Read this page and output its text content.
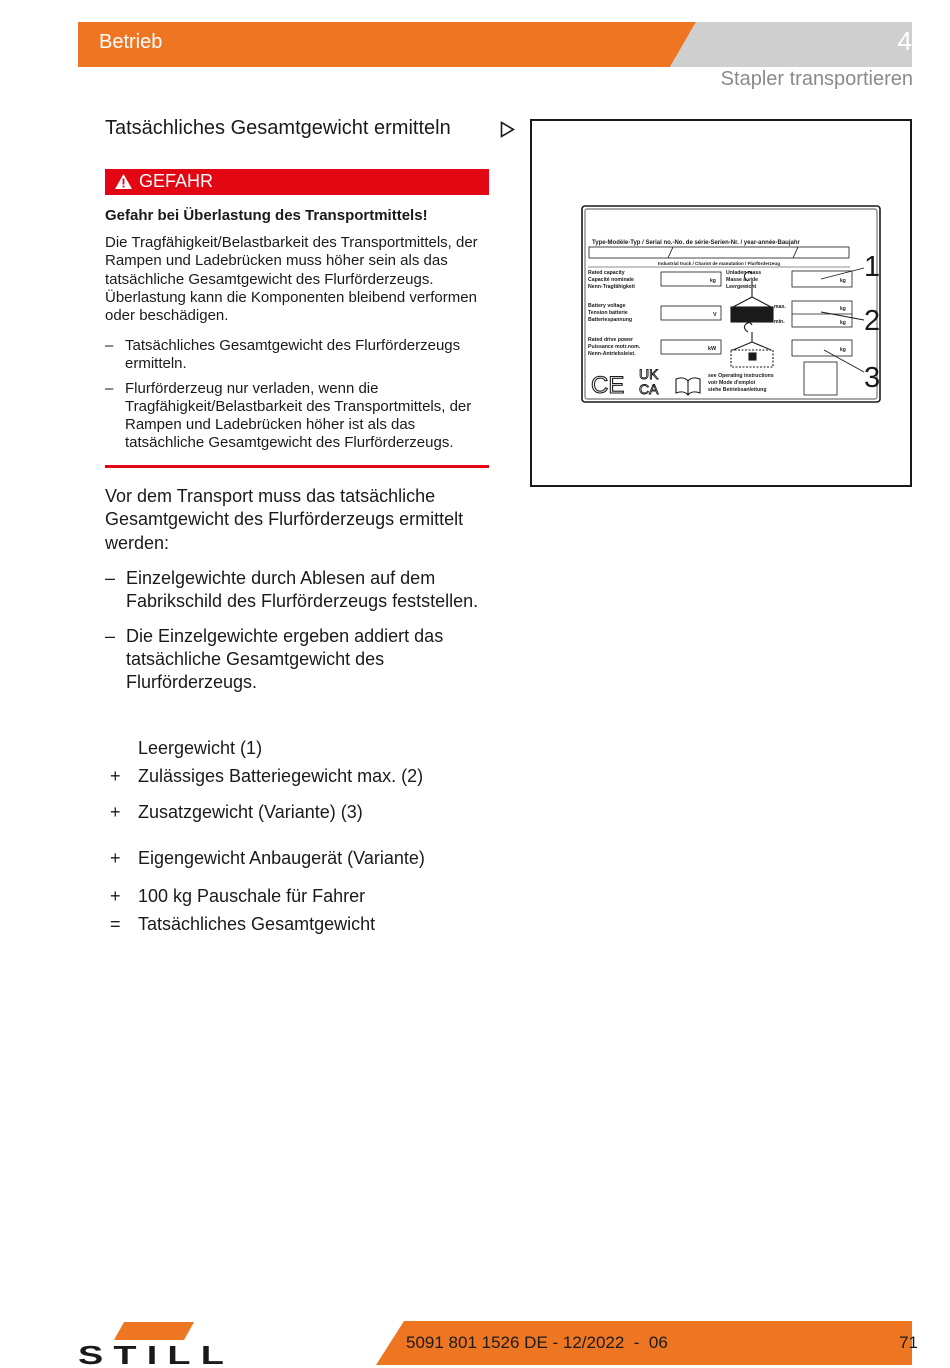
Betrieb	4
Stapler transportieren
Tatsächliches Gesamtgewicht ermitteln
GEFAHR
Gefahr bei Überlastung des Transportmittels!
Die Tragfähigkeit/Belastbarkeit des Transportmittels, der Rampen und Ladebrücken muss höher sein als das tatsächliche Gesamtgewicht des Flurförderzeugs. Überlastung kann die Komponenten bleibend verformen oder beschädigen.
– Tatsächliches Gesamtgewicht des Flurförderzeugs ermitteln.
– Flurförderzeug nur verladen, wenn die Tragfähigkeit/Belastbarkeit des Transportmittels, der Rampen und Ladebrücken höher ist als das tatsächliche Gesamtgewicht des Flurförderzeugs.
Vor dem Transport muss das tatsächliche Gesamtgewicht des Flurförderzeugs ermittelt werden:
– Einzelgewichte durch Ablesen auf dem Fabrikschild des Flurförderzeugs feststellen.
– Die Einzelgewichte ergeben addiert das tatsächliche Gesamtgewicht des Flurförderzeugs.
Leergewicht (1)
+ Zulässiges Batteriegewicht max. (2)
+ Zusatzgewicht (Variante) (3)
+ Eigengewicht Anbaugerät (Variante)
+ 100 kg Pauschale für Fahrer
= Tatsächliches Gesamtgewicht
Type-Modèle-Typ / Serial no.-No. de série-Serien-Nr. / year-année-Baujahr
Industrial truck / Chariot de manutation / Flurförderzeug
Rated capacity
Capacité nominale
Nenn-Tragfähigkeit
kg
Unladen mass
Masse à vide
Leergewicht
kg
Battery voltage
Tension batterie
Batteriespannung
V
max.
min.
kg
kg
Rated drive power
Puissance motr.nom.
Nenn-Antriebsleist.
kW	kg
CE UK
CA
see Operating instructions
voir Mode d'emploi
siehe Betriebsanleitung
1
2
3
STILL	5091 801 1526 DE - 12/2022  -  06	71
